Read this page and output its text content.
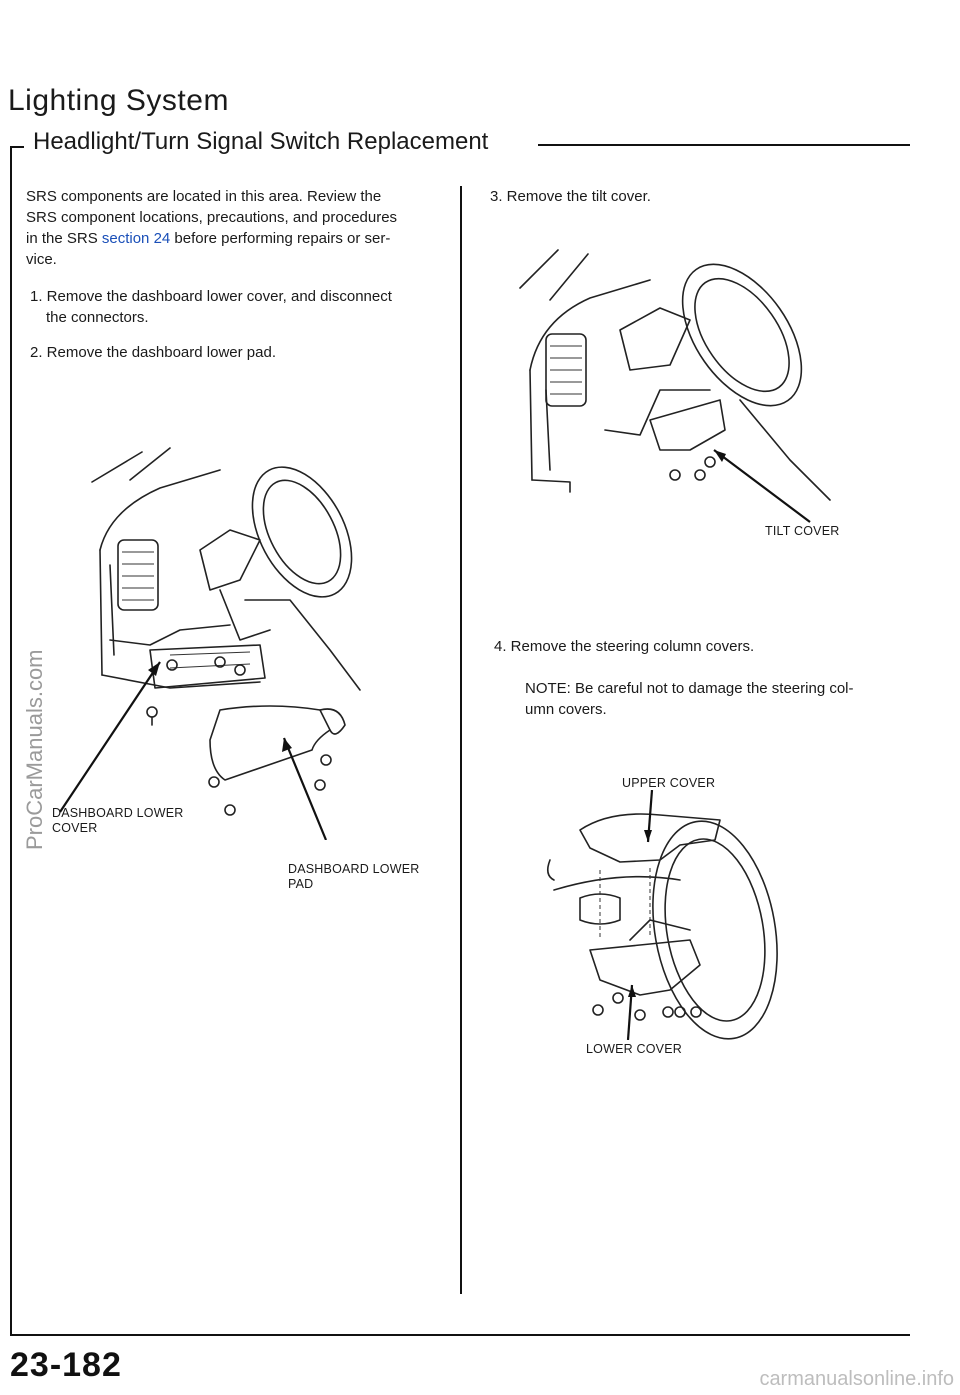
Lighting System
Headlight/Turn Signal Switch Replacement
SRS components are located in this area. Review the
SRS component locations, precautions, and procedures
in the SRS section 24 before performing repairs or ser-
vice.
1. Remove the dashboard lower cover, and disconnect
the connectors.
2. Remove the dashboard lower pad.
3. Remove the tilt cover.
4. Remove the steering column covers.
NOTE: Be careful not to damage the steering col-
umn covers.
DASHBOARD LOWER
COVER
DASHBOARD LOWER
PAD
TILT COVER
UPPER COVER
LOWER COVER
23-182	carmanualsonline.info
ProCarManuals.com
